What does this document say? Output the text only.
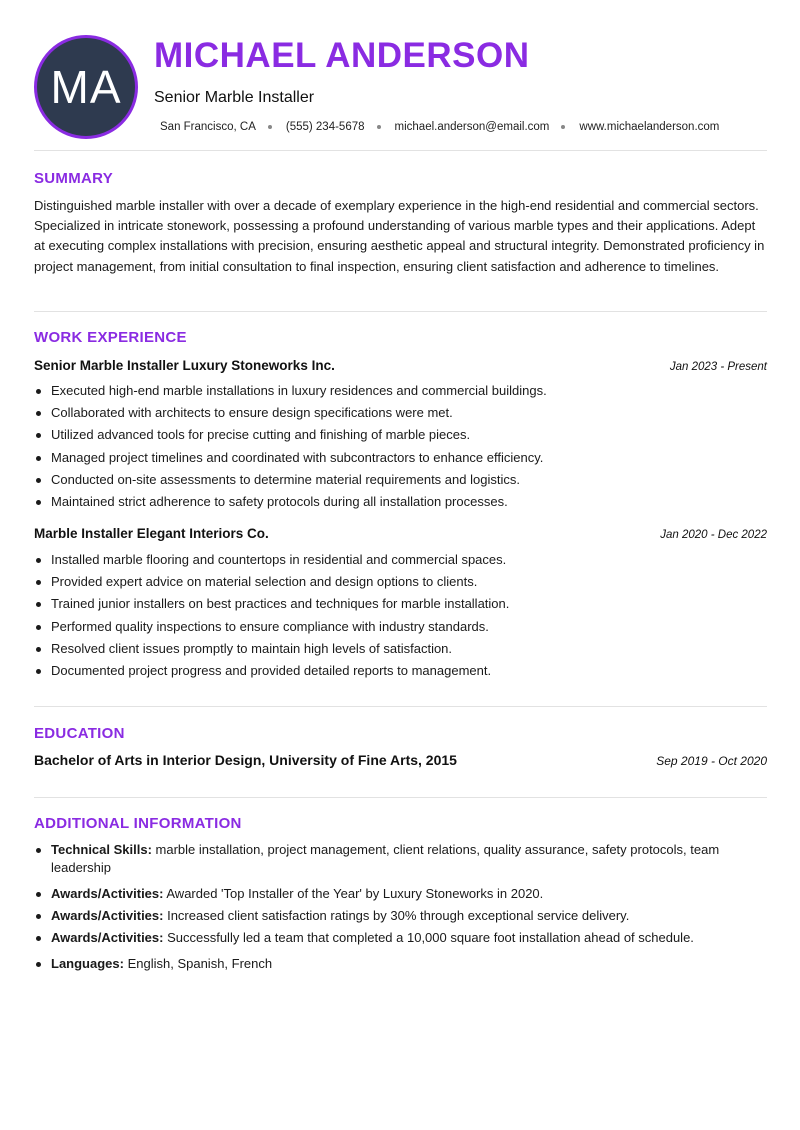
MA
MICHAEL ANDERSON
Senior Marble Installer
San Francisco, CA	(555) 234-5678	michael.anderson@email.com	www.michaelanderson.com
SUMMARY

Distinguished marble installer with over a decade of exemplary experience in the high-end residential and commercial sectors. Specialized in intricate stonework, possessing a profound understanding of various marble types and their applications. Adept at executing complex installations with precision, ensuring aesthetic appeal and structural integrity. Demonstrated proficiency in project management, from initial consultation to final inspection, ensuring client satisfaction and adherence to timelines.

WORK EXPERIENCE
Senior Marble Installer Luxury Stoneworks Inc.	Jan 2023 - Present
Executed high-end marble installations in luxury residences and commercial buildings.
Collaborated with architects to ensure design specifications were met.
Utilized advanced tools for precise cutting and finishing of marble pieces.
Managed project timelines and coordinated with subcontractors to enhance efficiency.
Conducted on-site assessments to determine material requirements and logistics.
Maintained strict adherence to safety protocols during all installation processes.
Marble Installer Elegant Interiors Co.	Jan 2020 - Dec 2022
Installed marble flooring and countertops in residential and commercial spaces.
Provided expert advice on material selection and design options to clients.
Trained junior installers on best practices and techniques for marble installation.
Performed quality inspections to ensure compliance with industry standards.
Resolved client issues promptly to maintain high levels of satisfaction.
Documented project progress and provided detailed reports to management.
EDUCATION
Bachelor of Arts in Interior Design, University of Fine Arts, 2015	Sep 2019 - Oct 2020
ADDITIONAL INFORMATION
Technical Skills: marble installation, project management, client relations, quality assurance, safety protocols, team leadership
Awards/Activities: Awarded 'Top Installer of the Year' by Luxury Stoneworks in 2020.
Awards/Activities: Increased client satisfaction ratings by 30% through exceptional service delivery.
Awards/Activities: Successfully led a team that completed a 10,000 square foot installation ahead of schedule.
Languages: English, Spanish, French
